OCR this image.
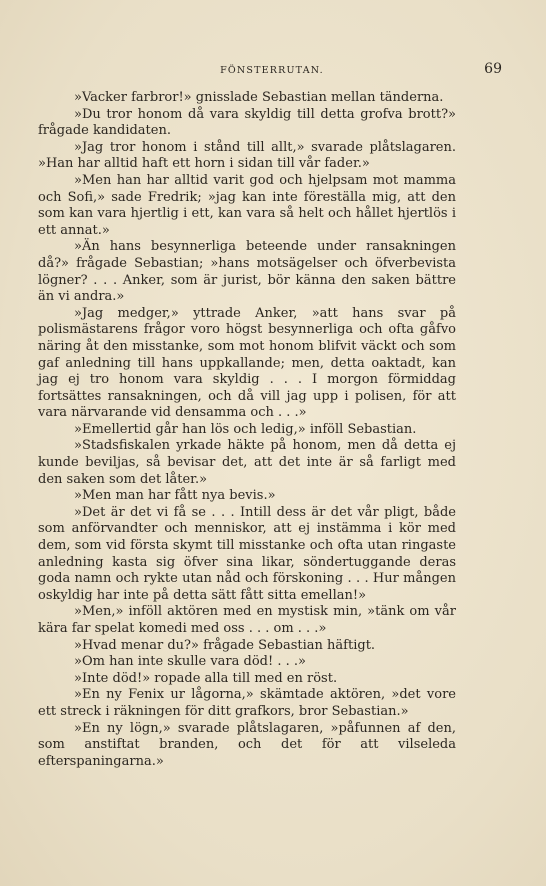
FÖNSTERRUTAN.	69

»Vacker farbror!» gnisslade Sebastian mellan tänderna.

»Du tror honom då vara skyldig till detta grofva brott?» frågade kandidaten.

»Jag tror honom i stånd till allt,» svarade plåtslagaren. »Han har alltid haft ett horn i sidan till vår fader.»

»Men han har alltid varit god och hjelpsam mot mamma och Sofi,» sade Fredrik; »jag kan inte föreställa mig, att den som kan vara hjertlig i ett, kan vara så helt och hållet hjertlös i ett annat.»

»Än hans besynnerliga beteende under ransakningen då?» frågade Sebastian; »hans motsägelser och öfverbevista lögner? . . . Anker, som är jurist, bör känna den saken bättre än vi andra.»

»Jag medger,» yttrade Anker, »att hans svar på polismästarens frågor voro högst besynnerliga och ofta gåfvo näring åt den misstanke, som mot honom blifvit väckt och som gaf anledning till hans uppkallande; men, detta oaktadt, kan jag ej tro honom vara skyldig . . . I morgon förmiddag fortsättes ransakningen, och då vill jag upp i polisen, för att vara närvarande vid densamma och . . .»

»Emellertid går han lös och ledig,» inföll Sebastian.

»Stadsfiskalen yrkade häkte på honom, men då detta ej kunde beviljas, så bevisar det, att det inte är så farligt med den saken som det låter.»

»Men man har fått nya bevis.»

»Det är det vi få se . . . Intill dess är det vår pligt, både som anförvandter och menniskor, att ej instämma i kör med dem, som vid första skymt till misstanke och ofta utan ringaste anledning kasta sig öfver sina likar, söndertuggande deras goda namn och rykte utan nåd och förskoning . . . Hur mången oskyldig har inte på detta sätt fått sitta emellan!»

»Men,» inföll aktören med en mystisk min, »tänk om vår kära far spelat komedi med oss . . . om . . .»

»Hvad menar du?» frågade Sebastian häftigt.

»Om han inte skulle vara död! . . .»

»Inte död!» ropade alla till med en röst.

»En ny Fenix ur lågorna,» skämtade aktören, »det vore ett streck i räkningen för ditt grafkors, bror Sebastian.»

»En ny lögn,» svarade plåtslagaren, »påfunnen af den, som anstiftat branden, och det för att vilseleda efterspaningarna.»
